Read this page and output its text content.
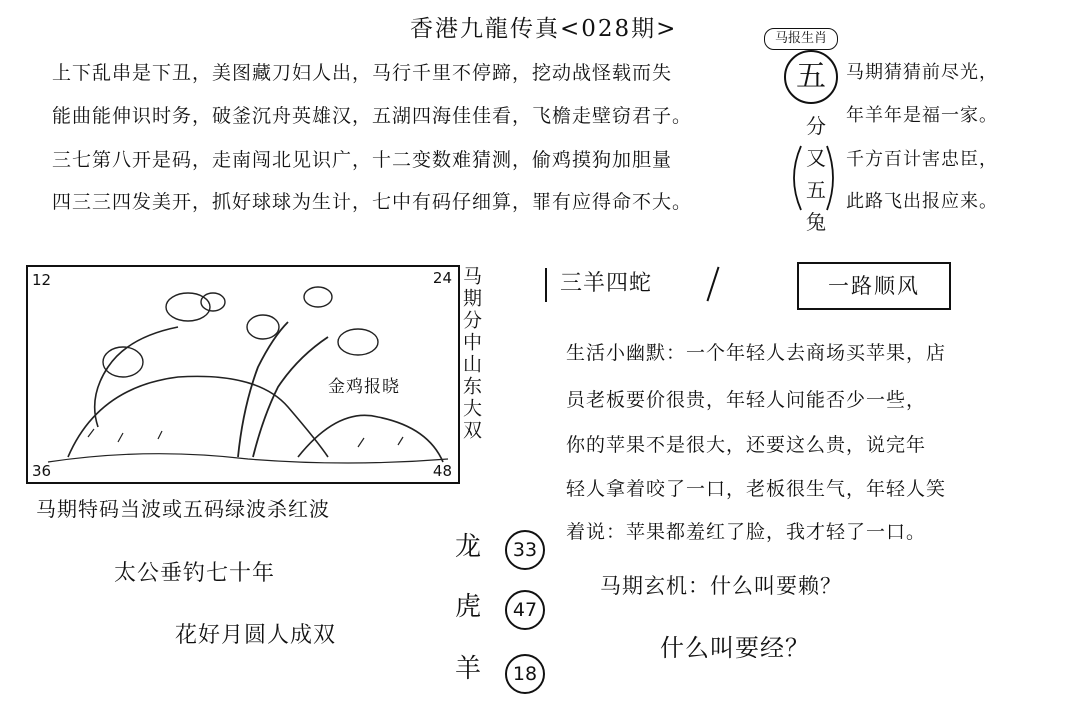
香港九龍传真<028期>
上下乱串是下丑，美图藏刀妇人出，马行千里不停蹄，挖动战怪载而失
能曲能伸识时务，破釜沉舟英雄汉，五湖四海佳佳看，飞檐走壁窃君子。
三七第八开是码，走南闯北见识广，十二变数难猜测，偷鸡摸狗加胆量
四三三四发美开，抓好球球为生计，七中有码仔细算，罪有应得命不大。
马报生肖
五
分
又
五
兔
马期猜猜前尽光，
年羊年是福一家。
千方百计害忠臣，
此路飞出报应来。
12	24
36	48
金鸡报晓	马期分中山东大双
马期特码当波或五码绿波杀红波
太公垂钓七十年
花好月圆人成双
三羊四蛇	一路顺风
生活小幽默：一个年轻人去商场买苹果，店
员老板要价很贵，年轻人问能否少一些，
你的苹果不是很大，还要这么贵，说完年
轻人拿着咬了一口，老板很生气，年轻人笑
着说：苹果都羞红了脸，我才轻了一口。
马期玄机：什么叫要赖？
什么叫要经？
龙	33
虎	47
羊	18
